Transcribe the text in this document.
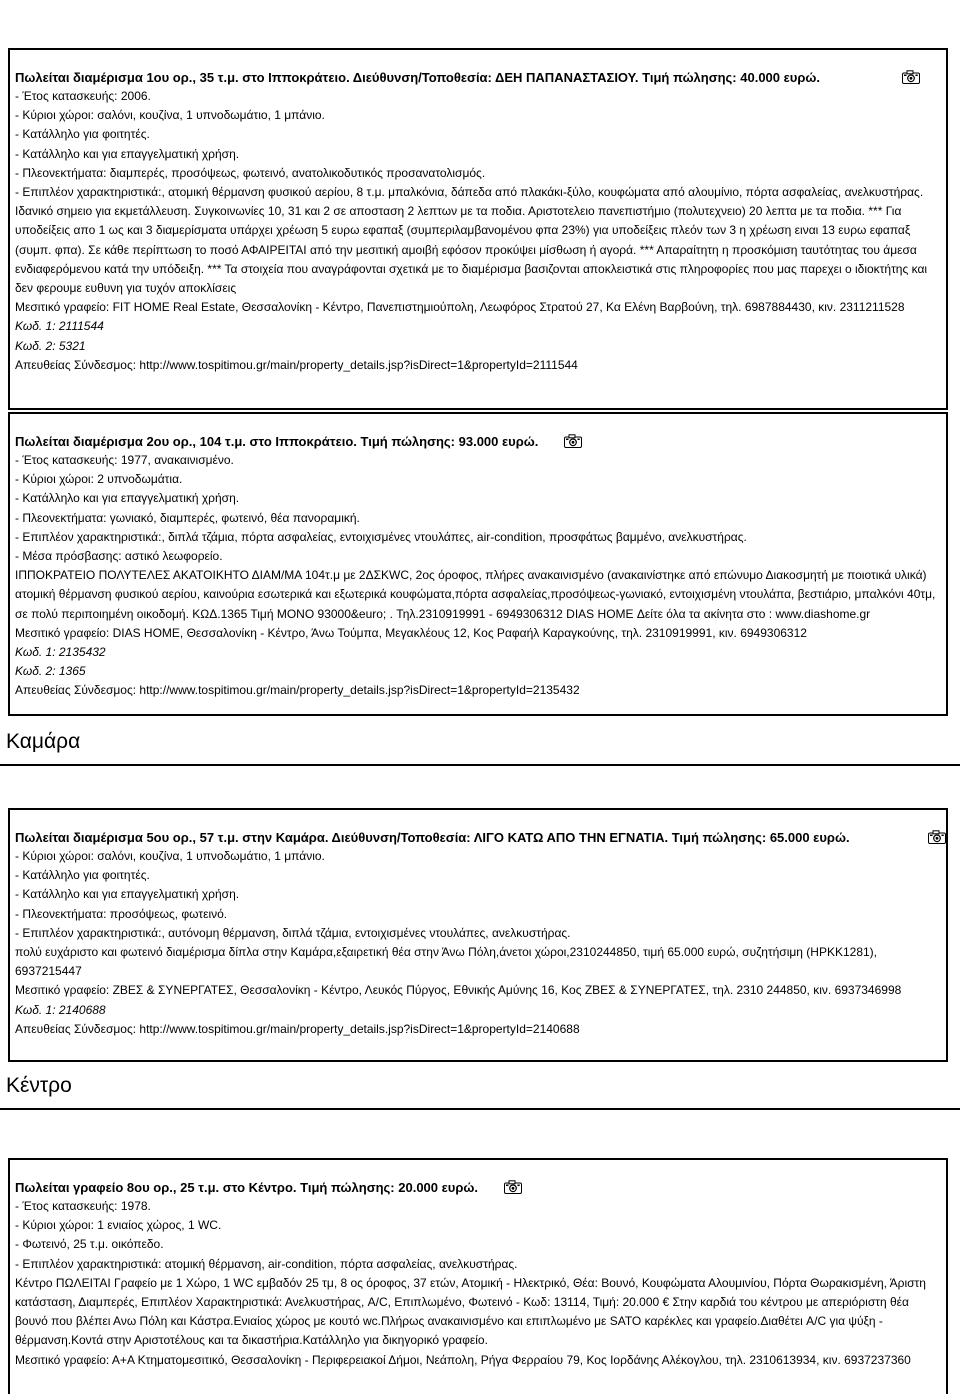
Πωλείται διαμέρισμα 1ου ορ., 35 τ.μ. στο Ιπποκράτειο. Διεύθυνση/Τοποθεσία: ΔΕΗ ΠΑΠΑΝΑΣΤΑΣΙΟΥ. Τιμή πώλησης: 40.000 ευρώ.
- Έτος κατασκευής: 2006.
- Κύριοι χώροι: σαλόνι, κουζίνα, 1 υπνοδωμάτιο, 1 μπάνιο.
- Κατάλληλο για φοιτητές.
- Κατάλληλο και για επαγγελματική χρήση.
- Πλεονεκτήματα: διαμπερές, προσόψεως, φωτεινό, ανατολικοδυτικός προσανατολισμός.
- Επιπλέον χαρακτηριστικά:, ατομική θέρμανση φυσικού αερίου, 8 τ.μ. μπαλκόνια, δάπεδα από πλακάκι-ξύλο, κουφώματα από αλουμίνιο, πόρτα ασφαλείας, ανελκυστήρας.
Ιδανικό σημειο για εκμετάλλευση. Συγκοινωνίες 10, 31 και 2 σε αποσταση 2 λεπτων με τα ποδια. Αριστοτελειο πανεπιστήμιο (πολυτεχνειο) 20 λεπτα με τα ποδια. *** Για υποδείξεις απο 1 ως και 3 διαμερίσματα υπάρχει χρέωση 5 ευρω εφαπαξ (συμπεριλαμβανομένου φπα 23%) για υποδείξεις πλεόν των 3 η χρέωση ειναι 13 ευρω εφαπαξ (συμπ. φπα). Σε κάθε περίπτωση το ποσό ΑΦΑΙΡΕΙΤΑΙ από την μεσιτική αμοιβή εφόσον προκύψει μίσθωση ή αγορά. *** Απαραίτητη η προσκόμιση ταυτότητας του άμεσα ενδιαφερόμενου κατά την υπόδειξη. *** Τα στοιχεία που αναγράφονται σχετικά με το διαμέρισμα βασιζονται αποκλειστικά στις πληροφορίες που μας παρεχει ο ιδιοκτήτης και δεν φερουμε ευθυνη για τυχόν αποκλίσεις
Μεσιτικό γραφείο: FIT HOME Real Estate, Θεσσαλονίκη - Κέντρο, Πανεπιστημιούπολη, Λεωφόρος Στρατού 27, Κα Ελένη Βαρβούνη, τηλ. 6987884430, κιν. 2311211528
Κωδ. 1: 2111544
Κωδ. 2: 5321
Απευθείας Σύνδεσμος: http://www.tospitimou.gr/main/property_details.jsp?isDirect=1&propertyId=2111544
Πωλείται διαμέρισμα 2ου ορ., 104 τ.μ. στο Ιπποκράτειο. Τιμή πώλησης: 93.000 ευρώ.
- Έτος κατασκευής: 1977, ανακαινισμένο.
- Κύριοι χώροι: 2 υπνοδωμάτια.
- Κατάλληλο και για επαγγελματική χρήση.
- Πλεονεκτήματα: γωνιακό, διαμπερές, φωτεινό, θέα πανοραμική.
- Επιπλέον χαρακτηριστικά:, διπλά τζάμια, πόρτα ασφαλείας, εντοιχισμένες ντουλάπες, air-condition, προσφάτως βαμμένο, ανελκυστήρας.
- Μέσα πρόσβασης: αστικό λεωφορείο.
ΙΠΠΟΚΡΑΤΕΙΟ ΠΟΛΥΤΕΛΕΣ ΑΚΑΤΟΙΚΗΤΟ ΔΙΑΜ/ΜΑ 104τ.μ με 2ΔΣΚWC, 2ος όροφος, πλήρες ανακαινισμένο (ανακαινίστηκε από επώνυμο Διακοσμητή με ποιοτικά υλικά) ατομική θέρμανση φυσικού αερίου, καινούρια εσωτερικά και εξωτερικά κουφώματα,πόρτα ασφαλείας,προσόψεως-γωνιακό, εντοιχισμένη ντουλάπα, βεστιάριο, μπαλκόνι 40τμ, σε πολύ περιποιημένη οικοδομή. ΚΩΔ.1365 Τιμή ΜΟΝΟ 93000&euro; . Τηλ.2310919991 - 6949306312 DIAS HOME Δείτε όλα τα ακίνητα στο : www.diashome.gr
Μεσιτικό γραφείο: DIAS HOME, Θεσσαλονίκη - Κέντρο, Άνω Τούμπα, Μεγακλέους 12, Κος Ραφαήλ Καραγκούνης, τηλ. 2310919991, κιν. 6949306312
Κωδ. 1: 2135432
Κωδ. 2: 1365
Απευθείας Σύνδεσμος: http://www.tospitimou.gr/main/property_details.jsp?isDirect=1&propertyId=2135432
Καμάρα
Πωλείται διαμέρισμα 5ου ορ., 57 τ.μ. στην Καμάρα. Διεύθυνση/Τοποθεσία: ΛΙΓΟ ΚΑΤΩ ΑΠΟ ΤΗΝ ΕΓΝΑΤΙΑ. Τιμή πώλησης: 65.000 ευρώ.
- Κύριοι χώροι: σαλόνι, κουζίνα, 1 υπνοδωμάτιο, 1 μπάνιο.
- Κατάλληλο για φοιτητές.
- Κατάλληλο και για επαγγελματική χρήση.
- Πλεονεκτήματα: προσόψεως, φωτεινό.
- Επιπλέον χαρακτηριστικά:, αυτόνομη θέρμανση, διπλά τζάμια, εντοιχισμένες ντουλάπες, ανελκυστήρας.
πολύ ευχάριστο και φωτεινό διαμέρισμα δίπλα στην Καμάρα,εξαιρετική θέα στην Άνω Πόλη,άνετοι χώροι,2310244850, τιμή 65.000 ευρώ, συζητήσιμη (ΗΡΚΚ1281), 6937215447
Μεσιτικό γραφείο: ΖΒΕΣ & ΣΥΝΕΡΓΑΤΕΣ, Θεσσαλονίκη - Κέντρο, Λευκός Πύργος, Εθνικής Αμύνης 16, Κος ΖΒΕΣ & ΣΥΝΕΡΓΑΤΕΣ, τηλ. 2310 244850, κιν. 6937346998
Κωδ. 1: 2140688
Απευθείας Σύνδεσμος: http://www.tospitimou.gr/main/property_details.jsp?isDirect=1&propertyId=2140688
Κέντρο
Πωλείται γραφείο 8ου ορ., 25 τ.μ. στο Κέντρο. Τιμή πώλησης: 20.000 ευρώ.
- Έτος κατασκευής: 1978.
- Κύριοι χώροι: 1 ενιαίος χώρος, 1 WC.
- Φωτεινό, 25 τ.μ. οικόπεδο.
- Επιπλέον χαρακτηριστικά: ατομική θέρμανση, air-condition, πόρτα ασφαλείας, ανελκυστήρας.
Κέντρο ΠΩΛΕΙΤΑΙ Γραφείο με 1 Χώρο, 1 WC εμβαδόν 25 τμ, 8 ος όροφος, 37 ετών, Ατομική - Ηλεκτρικό, Θέα: Βουνό, Κουφώματα Αλουμινίου, Πόρτα Θωρακισμένη, Άριστη κατάσταση, Διαμπερές, Επιπλέον Χαρακτηριστικά: Ανελκυστήρας, A/C, Επιπλωμένο, Φωτεινό - Κωδ: 13114, Τιμή: 20.000 € Στην καρδιά του κέντρου με απεριόριστη θέα βουνό που βλέπει Ανω Πόλη και Κάστρα.Ενιαίος χώρος με κουτό wc.Πλήρως ανακαινισμένο και επιπλωμένο με SATO καρέκλες και γραφείο.Διαθέτει A/C για ψύξη - θέρμανση.Κοντά στην Αριστοτέλους και τα δικαστήρια.Κατάλληλο για δικηγορικό γραφείο.
Μεσιτικό γραφείο: Α+Α Κτηματομεσιτικό, Θεσσαλονίκη - Περιφερειακοί Δήμοι, Νεάπολη, Ρήγα Φερραίου 79, Κος Ιορδάνης Αλέκογλου, τηλ. 2310613934, κιν. 6937237360
